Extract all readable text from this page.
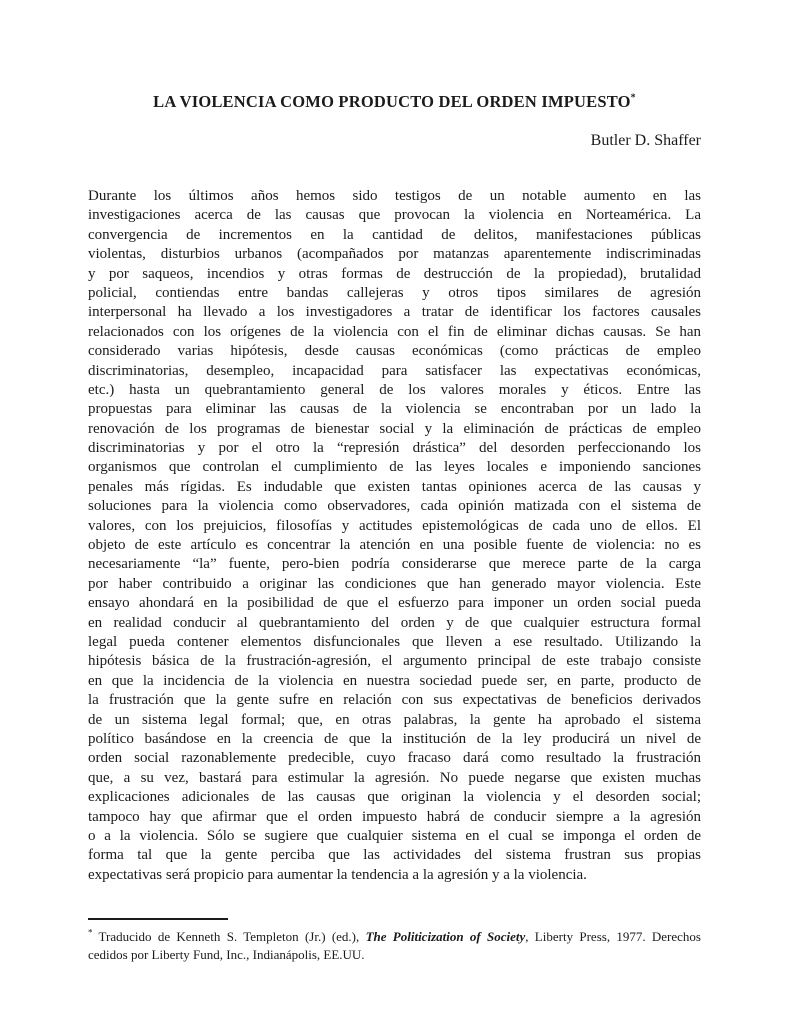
LA VIOLENCIA COMO PRODUCTO DEL ORDEN IMPUESTO*
Butler D. Shaffer
Durante los últimos años hemos sido testigos de un notable aumento en las
investigaciones acerca de las causas que provocan la violencia en Norteamérica. La
convergencia de incrementos en la cantidad de delitos, manifestaciones públicas
violentas, disturbios urbanos (acompañados por matanzas aparentemente indiscriminadas
y por saqueos, incendios y otras formas de destrucción de la propiedad), brutalidad
policial, contiendas entre bandas callejeras y otros tipos similares de agresión
interpersonal ha llevado a los investigadores a tratar de identificar los factores causales
relacionados con los orígenes de la violencia con el fin de eliminar dichas causas. Se han
considerado varias hipótesis, desde causas económicas (como prácticas de empleo
discriminatorias, desempleo, incapacidad para satisfacer las expectativas económicas,
etc.) hasta un quebrantamiento general de los valores morales y éticos. Entre las
propuestas para eliminar las causas de la violencia se encontraban por un lado la
renovación de los programas de bienestar social y la eliminación de prácticas de empleo
discriminatorias y por el otro la “represión drástica” del desorden perfeccionando los
organismos que controlan el cumplimiento de las leyes locales e imponiendo sanciones
penales más rígidas. Es indudable que existen tantas opiniones acerca de las causas y
soluciones para la violencia como observadores, cada opinión matizada con el sistema de
valores, con los prejuicios, filosofías y actitudes epistemológicas de cada uno de ellos. El
objeto de este artículo es concentrar la atención en una posible fuente de violencia: no es
necesariamente “la” fuente, pero-bien podría considerarse que merece parte de la carga
por haber contribuido a originar las condiciones que han generado mayor violencia. Este
ensayo ahondará en la posibilidad de que el esfuerzo para imponer un orden social pueda
en realidad conducir al quebrantamiento del orden y de que cualquier estructura formal
legal pueda contener elementos disfuncionales que lleven a ese resultado. Utilizando la
hipótesis básica de la frustración-agresión, el argumento principal de este trabajo consiste
en que la incidencia de la violencia en nuestra sociedad puede ser, en parte, producto de
la frustración que la gente sufre en relación con sus expectativas de beneficios derivados
de un sistema legal formal; que, en otras palabras, la gente ha aprobado el sistema
político basándose en la creencia de que la institución de la ley producirá un nivel de
orden social razonablemente predecible, cuyo fracaso dará como resultado la frustración
que, a su vez, bastará para estimular la agresión. No puede negarse que existen muchas
explicaciones adicionales de las causas que originan la violencia y el desorden social;
tampoco hay que afirmar que el orden impuesto habrá de conducir siempre a la agresión
o a la violencia. Sólo se sugiere que cualquier sistema en el cual se imponga el orden de
forma tal que la gente perciba que las actividades del sistema frustran sus propias
expectativas será propicio para aumentar la tendencia a la agresión y a la violencia.
* Traducido de Kenneth S. Templeton (Jr.) (ed.), The Politicization of Society, Liberty Press, 1977. Derechos
cedidos por Liberty Fund, Inc., Indianápolis, EE.UU.
